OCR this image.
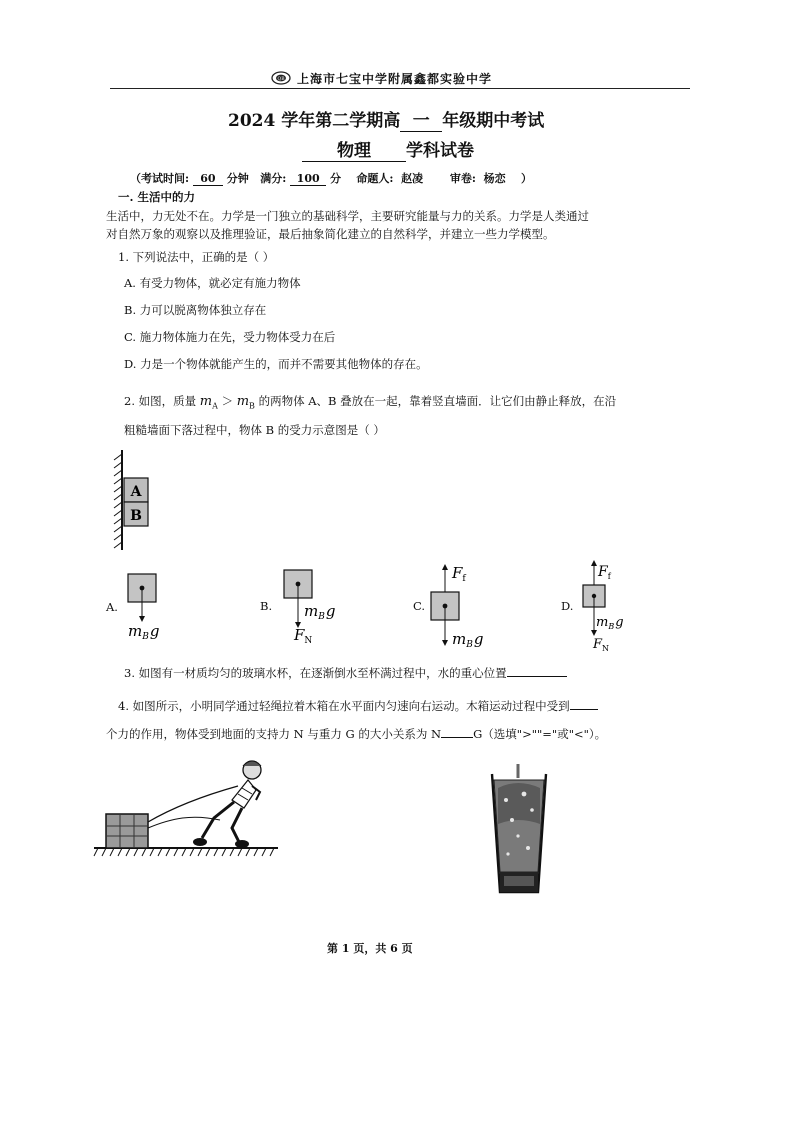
QB 上海市七宝中学附属鑫都实验中学
2024 学年第二学期高 一 年级期中考试
物理 学科试卷
（考试时间: 60 分钟 满分: 100 分 命题人: 赵凌 审卷: 杨恋 ）
一. 生活中的力
生活中，力无处不在。力学是一门独立的基础科学，主要研究能量与力的关系。力学是人类通过
对自然万象的观察以及推理验证，最后抽象简化建立的自然科学，并建立一些力学模型。
1. 下列说法中，正确的是（ ）
A. 有受力物体，就必定有施力物体
B. 力可以脱离物体独立存在
C. 施力物体施力在先，受力物体受力在后
D. 力是一个物体就能产生的，而并不需要其他物体的存在。
2. 如图，质量 $m_A > m_B$ 的两物体 A、B 叠放在一起，靠着竖直墙面．让它们由静止释放，在沿
粗糙墙面下落过程中，物体 B 的受力示意图是（ ）
A
B
A.
$m_Bg$
B. $m_Bg$
$F_N$
C.
$F_f$
$m_Bg$
D.
$F_f$
$m_Bg$
$F_N$
3. 如图有一材质均匀的玻璃水杯，在逐渐倒水至杯满过程中，水的重心位置
4. 如图所示，小明同学通过轻绳拉着木箱在水平面内匀速向右运动。木箱运动过程中受到
个力的作用，物体受到地面的支持力 N 与重力 G 的大小关系为 N	G（选填">""="或"<"）。
第 1 页，共 6 页
